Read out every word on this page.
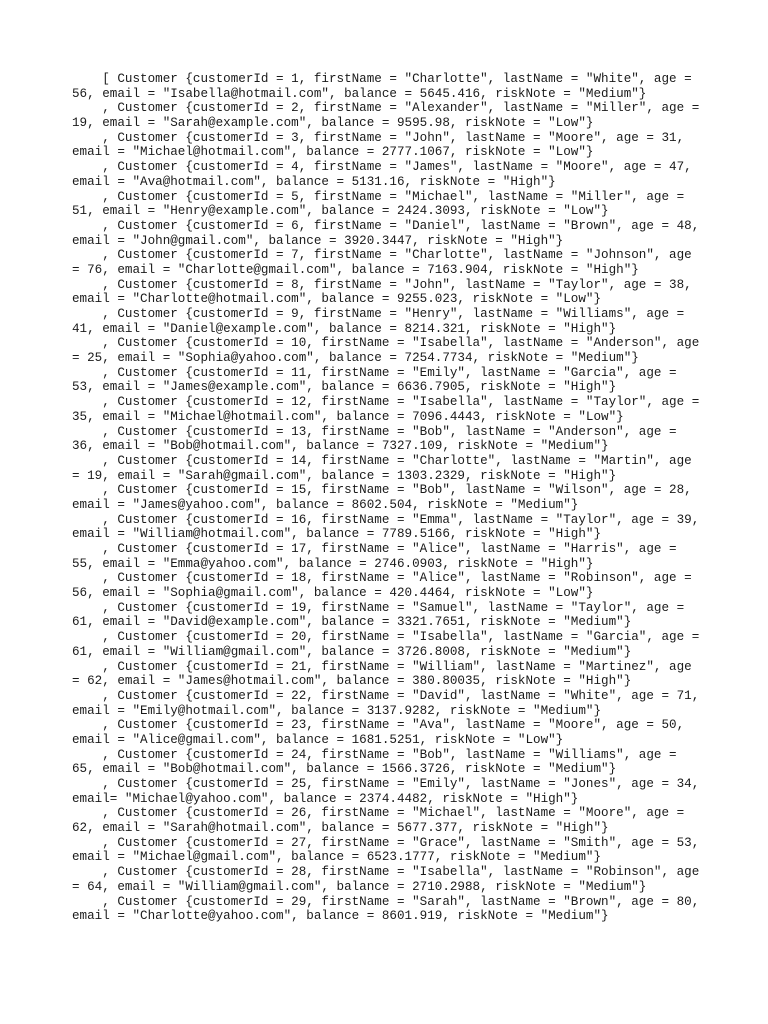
[ Customer {customerId = 1, firstName = "Charlotte", lastName = "White", age =
56, email = "Isabella@hotmail.com", balance = 5645.416, riskNote = "Medium"}
, Customer {customerId = 2, firstName = "Alexander", lastName = "Miller", age =
19, email = "Sarah@example.com", balance = 9595.98, riskNote = "Low"}
, Customer {customerId = 3, firstName = "John", lastName = "Moore", age = 31,
email = "Michael@hotmail.com", balance = 2777.1067, riskNote = "Low"}
, Customer {customerId = 4, firstName = "James", lastName = "Moore", age = 47,
email = "Ava@hotmail.com", balance = 5131.16, riskNote = "High"}
, Customer {customerId = 5, firstName = "Michael", lastName = "Miller", age =
51, email = "Henry@example.com", balance = 2424.3093, riskNote = "Low"}
, Customer {customerId = 6, firstName = "Daniel", lastName = "Brown", age = 48,
email = "John@gmail.com", balance = 3920.3447, riskNote = "High"}
, Customer {customerId = 7, firstName = "Charlotte", lastName = "Johnson", age
= 76, email = "Charlotte@gmail.com", balance = 7163.904, riskNote = "High"}
, Customer {customerId = 8, firstName = "John", lastName = "Taylor", age = 38,
email = "Charlotte@hotmail.com", balance = 9255.023, riskNote = "Low"}
, Customer {customerId = 9, firstName = "Henry", lastName = "Williams", age =
41, email = "Daniel@example.com", balance = 8214.321, riskNote = "High"}
, Customer {customerId = 10, firstName = "Isabella", lastName = "Anderson", age
= 25, email = "Sophia@yahoo.com", balance = 7254.7734, riskNote = "Medium"}
, Customer {customerId = 11, firstName = "Emily", lastName = "Garcia", age =
53, email = "James@example.com", balance = 6636.7905, riskNote = "High"}
, Customer {customerId = 12, firstName = "Isabella", lastName = "Taylor", age =
35, email = "Michael@hotmail.com", balance = 7096.4443, riskNote = "Low"}
, Customer {customerId = 13, firstName = "Bob", lastName = "Anderson", age =
36, email = "Bob@hotmail.com", balance = 7327.109, riskNote = "Medium"}
, Customer {customerId = 14, firstName = "Charlotte", lastName = "Martin", age
= 19, email = "Sarah@gmail.com", balance = 1303.2329, riskNote = "High"}
, Customer {customerId = 15, firstName = "Bob", lastName = "Wilson", age = 28,
email = "James@yahoo.com", balance = 8602.504, riskNote = "Medium"}
, Customer {customerId = 16, firstName = "Emma", lastName = "Taylor", age = 39,
email = "William@hotmail.com", balance = 7789.5166, riskNote = "High"}
, Customer {customerId = 17, firstName = "Alice", lastName = "Harris", age =
55, email = "Emma@yahoo.com", balance = 2746.0903, riskNote = "High"}
, Customer {customerId = 18, firstName = "Alice", lastName = "Robinson", age =
56, email = "Sophia@gmail.com", balance = 420.4464, riskNote = "Low"}
, Customer {customerId = 19, firstName = "Samuel", lastName = "Taylor", age =
61, email = "David@example.com", balance = 3321.7651, riskNote = "Medium"}
, Customer {customerId = 20, firstName = "Isabella", lastName = "Garcia", age =
61, email = "William@gmail.com", balance = 3726.8008, riskNote = "Medium"}
, Customer {customerId = 21, firstName = "William", lastName = "Martinez", age
= 62, email = "James@hotmail.com", balance = 380.80035, riskNote = "High"}
, Customer {customerId = 22, firstName = "David", lastName = "White", age = 71,
email = "Emily@hotmail.com", balance = 3137.9282, riskNote = "Medium"}
, Customer {customerId = 23, firstName = "Ava", lastName = "Moore", age = 50,
email = "Alice@gmail.com", balance = 1681.5251, riskNote = "Low"}
, Customer {customerId = 24, firstName = "Bob", lastName = "Williams", age =
65, email = "Bob@hotmail.com", balance = 1566.3726, riskNote = "Medium"}
, Customer {customerId = 25, firstName = "Emily", lastName = "Jones", age = 34,
email= "Michael@yahoo.com", balance = 2374.4482, riskNote = "High"}
, Customer {customerId = 26, firstName = "Michael", lastName = "Moore", age =
62, email = "Sarah@hotmail.com", balance = 5677.377, riskNote = "High"}
, Customer {customerId = 27, firstName = "Grace", lastName = "Smith", age = 53,
email = "Michael@gmail.com", balance = 6523.1777, riskNote = "Medium"}
, Customer {customerId = 28, firstName = "Isabella", lastName = "Robinson", age
= 64, email = "William@gmail.com", balance = 2710.2988, riskNote = "Medium"}
, Customer {customerId = 29, firstName = "Sarah", lastName = "Brown", age = 80,
email = "Charlotte@yahoo.com", balance = 8601.919, riskNote = "Medium"}
